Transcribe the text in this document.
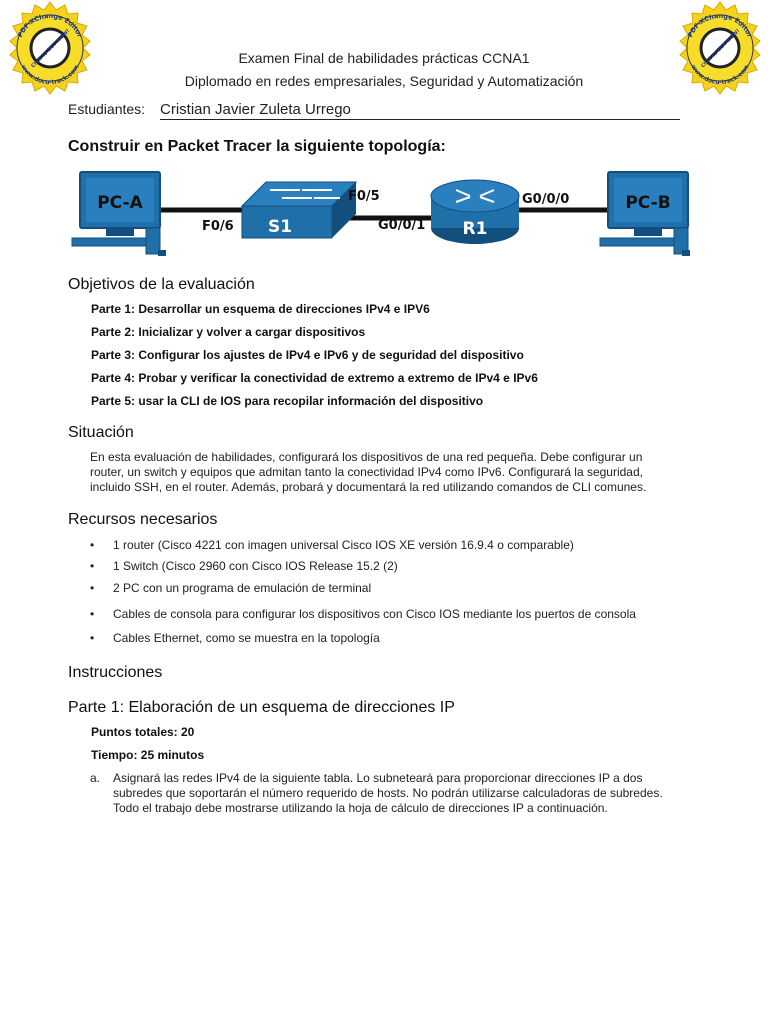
PDF-XChange Editor
www.docu-track.com
Click to BUY NOW!	PDF-XChange Editor
www.docu-track.com
Click to BUY NOW!
Examen Final de habilidades prácticas CCNA1
Diplomado en redes empresariales, Seguridad y Automatización
Estudiantes: Cristian Javier Zuleta Urrego
Construir en Packet Tracer la siguiente topología:
PC-A
S1	R1
PC-B
F0/6
F0/5
G0/0/1
G0/0/0
Objetivos de la evaluación
Parte 1: Desarrollar un esquema de direcciones IPv4 e IPV6
Parte 2: Inicializar y volver a cargar dispositivos
Parte 3: Configurar los ajustes de IPv4 e IPv6 y de seguridad del dispositivo
Parte 4: Probar y verificar la conectividad de extremo a extremo de IPv4 e IPv6
Parte 5: usar la CLI de IOS para recopilar información del dispositivo
Situación
En esta evaluación de habilidades, configurará los dispositivos de una red pequeña. Debe configurar un
router, un switch y equipos que admitan tanto la conectividad IPv4 como IPv6. Configurará la seguridad,
incluido SSH, en el router. Además, probará y documentará la red utilizando comandos de CLI comunes.
Recursos necesarios
• 1 router (Cisco 4221 con imagen universal Cisco IOS XE versión 16.9.4 o comparable)
• 1 Switch (Cisco 2960 con Cisco IOS Release 15.2 (2)
• 2 PC con un programa de emulación de terminal
• Cables de consola para configurar los dispositivos con Cisco IOS mediante los puertos de consola
• Cables Ethernet, como se muestra en la topología
Instrucciones
Parte 1: Elaboración de un esquema de direcciones IP
Puntos totales: 20
Tiempo: 25 minutos
a. Asignará las redes IPv4 de la siguiente tabla. Lo subneteará para proporcionar direcciones IP a dos
subredes que soportarán el número requerido de hosts. No podrán utilizarse calculadoras de subredes.
Todo el trabajo debe mostrarse utilizando la hoja de cálculo de direcciones IP a continuación.
